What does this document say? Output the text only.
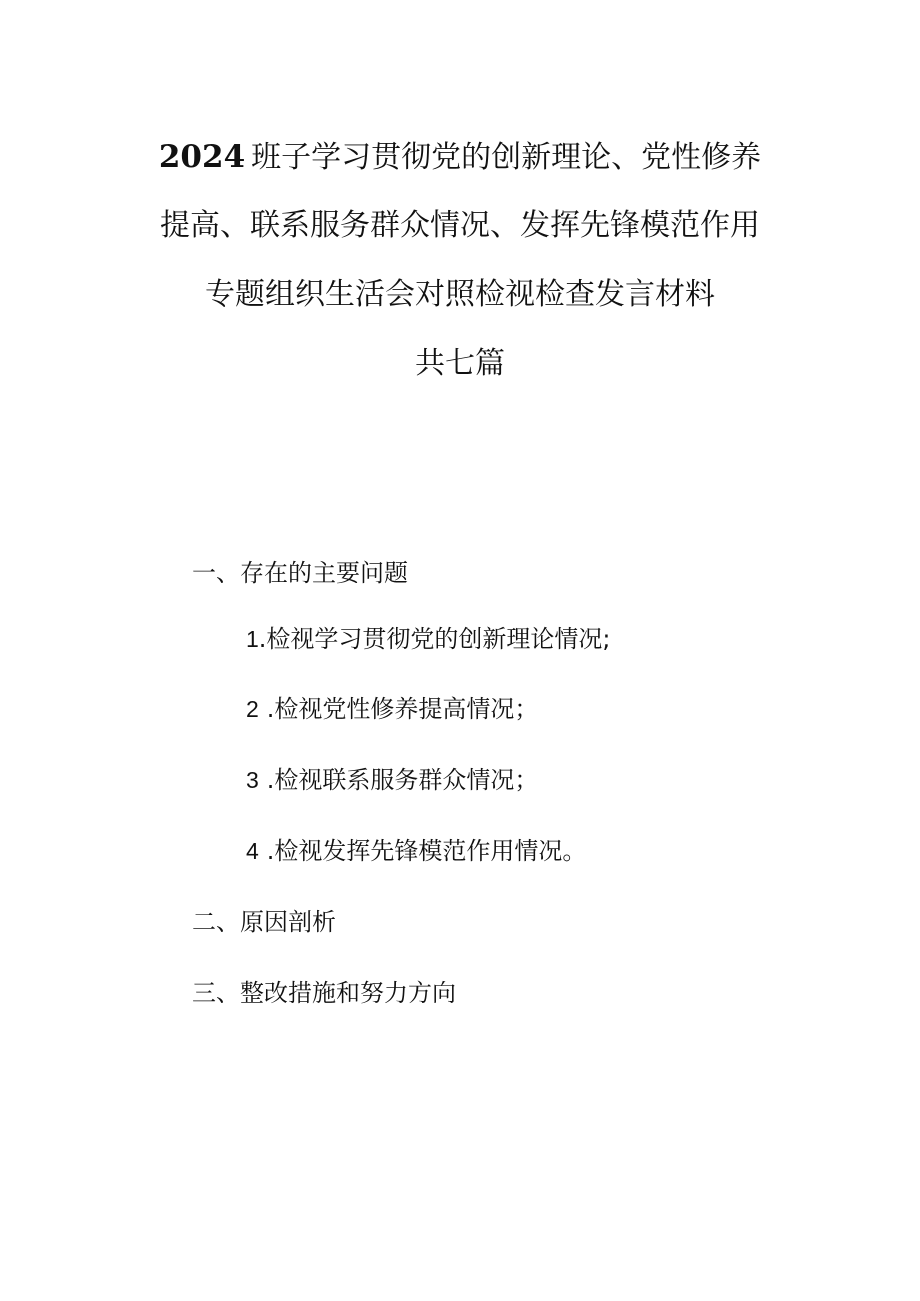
2024 班子学习贯彻党的创新理论、党性修养
提高、联系服务群众情况、发挥先锋模范作用
专题组织生活会对照检视检查发言材料
共七篇
一、存在的主要问题
1.检视学习贯彻党的创新理论情况;
2 .检视党性修养提高情况；
3 .检视联系服务群众情况；
4 .检视发挥先锋模范作用情况。
二、原因剖析
三、整改措施和努力方向
